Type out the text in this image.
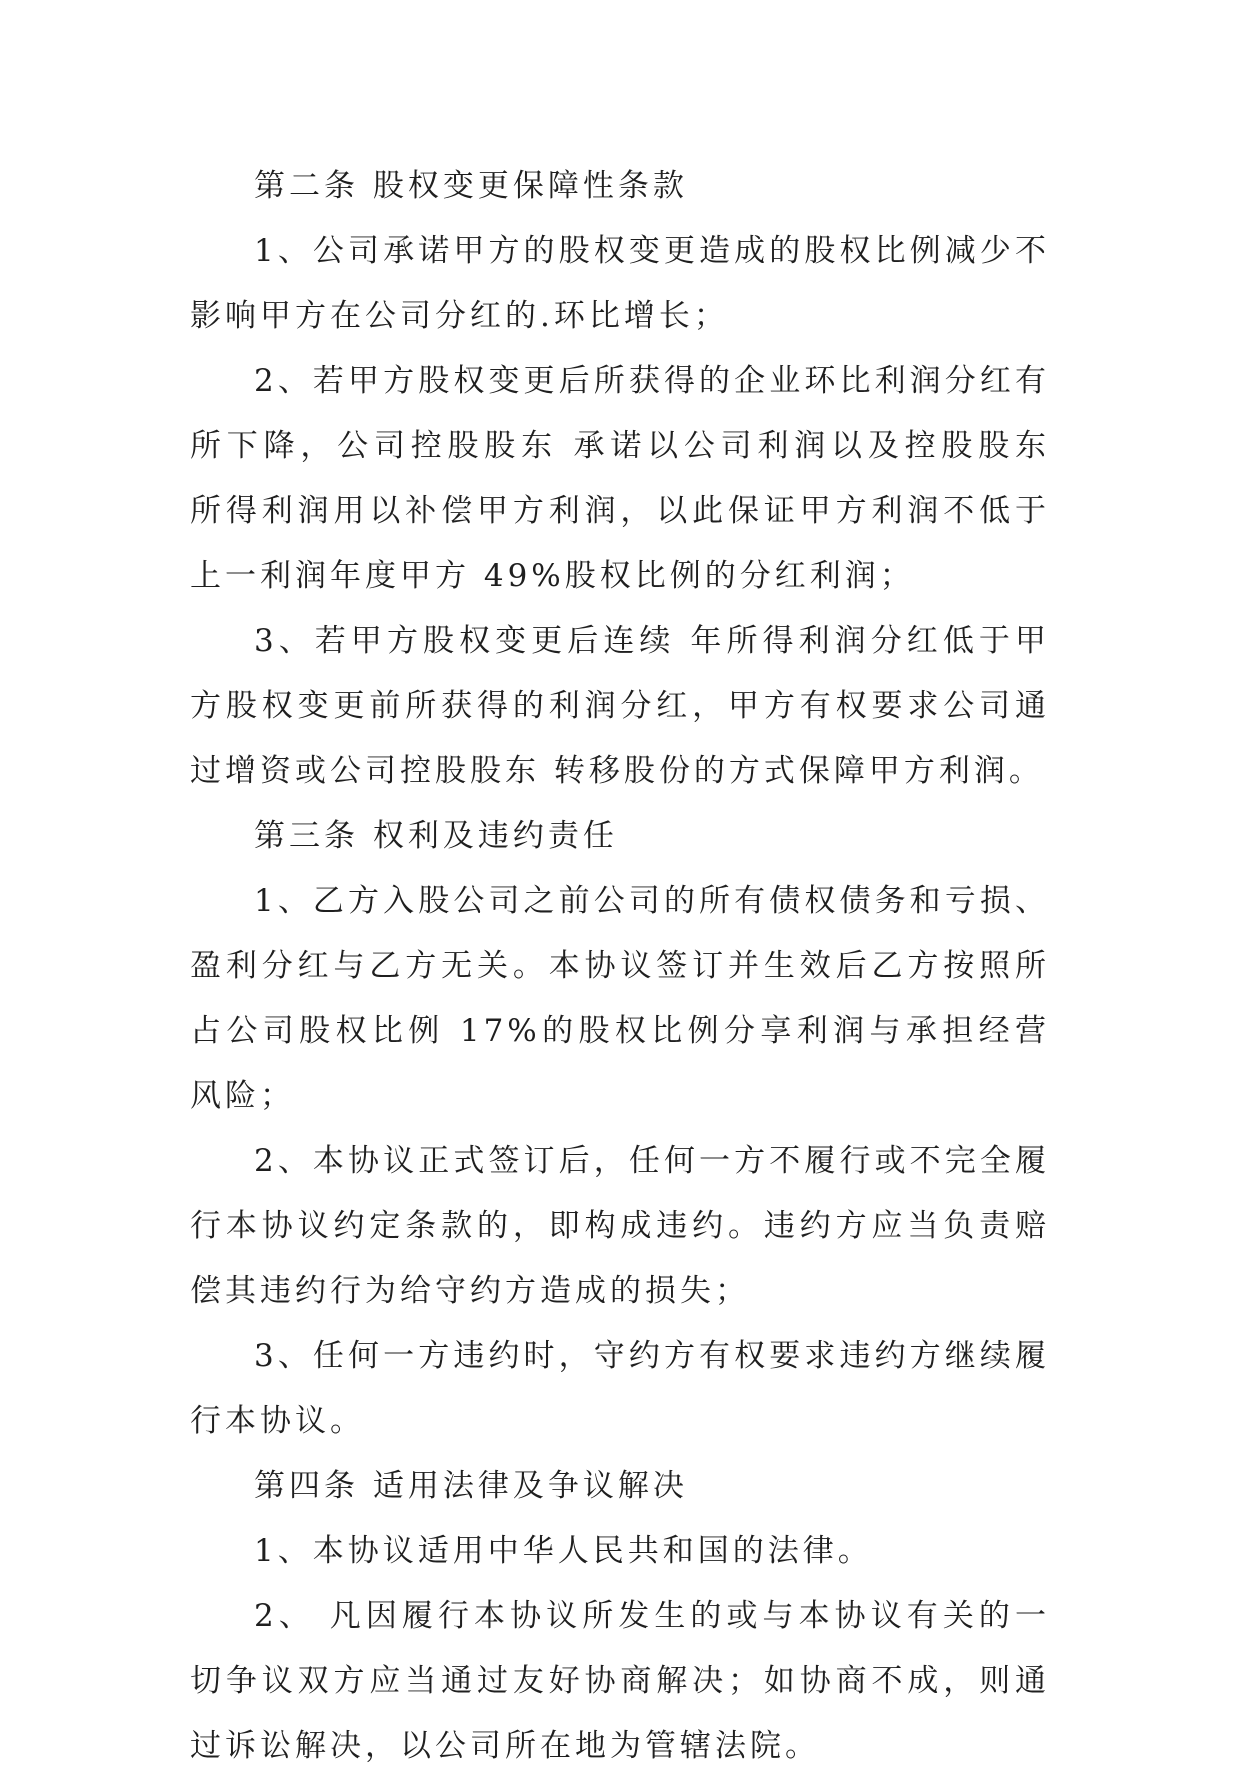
第二条 股权变更保障性条款

1、公司承诺甲方的股权变更造成的股权比例减少不影响甲方在公司分红的.环比增长；

2、若甲方股权变更后所获得的企业环比利润分红有所下降，公司控股股东 承诺以公司利润以及控股股东 所得利润用以补偿甲方利润，以此保证甲方利润不低于上一利润年度甲方 49%股权比例的分红利润；

3、若甲方股权变更后连续 年所得利润分红低于甲方股权变更前所获得的利润分红，甲方有权要求公司通过增资或公司控股股东 转移股份的方式保障甲方利润。

第三条 权利及违约责任

1、乙方入股公司之前公司的所有债权债务和亏损、盈利分红与乙方无关。本协议签订并生效后乙方按照所占公司股权比例 17%的股权比例分享利润与承担经营风险；

2、本协议正式签订后，任何一方不履行或不完全履行本协议约定条款的，即构成违约。违约方应当负责赔偿其违约行为给守约方造成的损失；

3、任何一方违约时，守约方有权要求违约方继续履行本协议。

第四条 适用法律及争议解决

1、本协议适用中华人民共和国的法律。

2、 凡因履行本协议所发生的或与本协议有关的一切争议双方应当通过友好协商解决；如协商不成，则通过诉讼解决，以公司所在地为管辖法院。
